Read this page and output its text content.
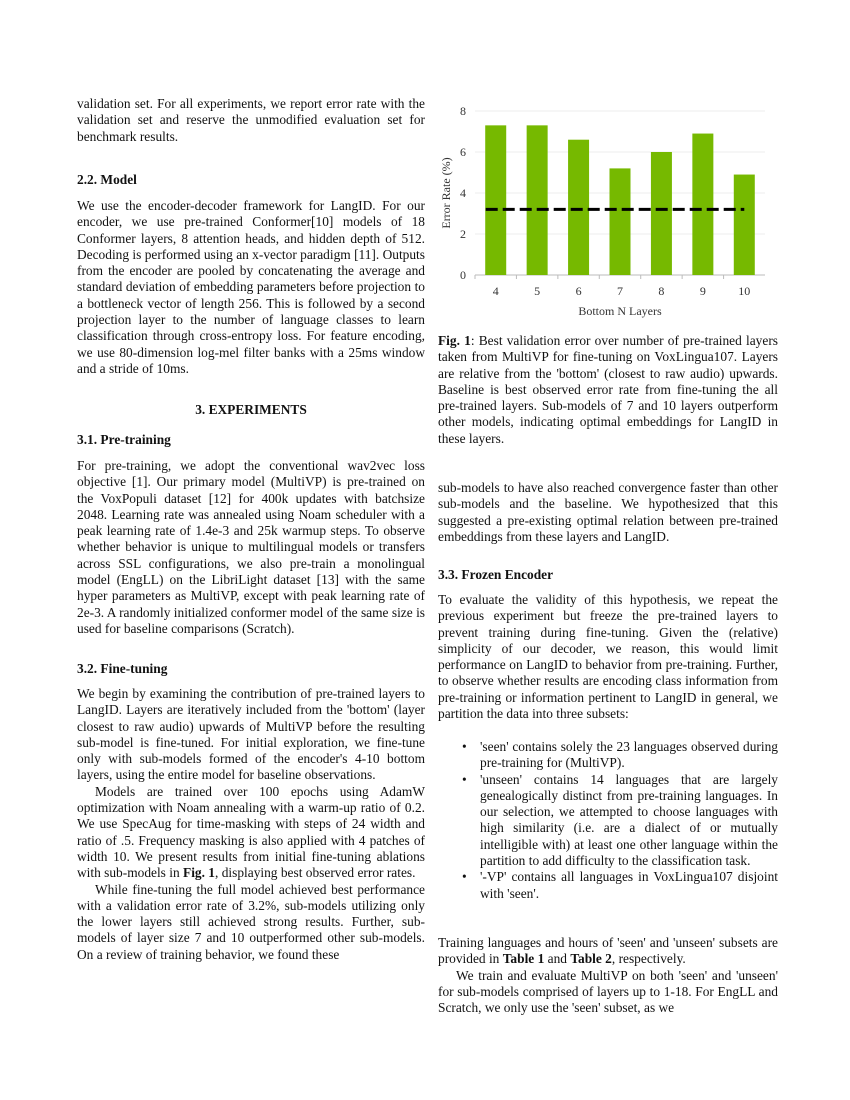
validation set. For all experiments, we report error rate with the validation set and reserve the unmodified evaluation set for benchmark results.
2.2. Model
We use the encoder-decoder framework for LangID. For our encoder, we use pre-trained Conformer[10] models of 18 Conformer layers, 8 attention heads, and hidden depth of 512. Decoding is performed using an x-vector paradigm [11]. Outputs from the encoder are pooled by concatenating the average and standard deviation of embedding parameters before projection to a bottleneck vector of length 256. This is followed by a second projection layer to the number of language classes to learn classification through cross-entropy loss. For feature encoding, we use 80-dimension log-mel filter banks with a 25ms window and a stride of 10ms.
3. EXPERIMENTS
3.1. Pre-training
For pre-training, we adopt the conventional wav2vec loss objective [1]. Our primary model (MultiVP) is pre-trained on the VoxPopuli dataset [12] for 400k updates with batchsize 2048. Learning rate was annealed using Noam scheduler with a peak learning rate of 1.4e-3 and 25k warmup steps. To observe whether behavior is unique to multilingual models or transfers across SSL configurations, we also pre-train a monolingual model (EngLL) on the LibriLight dataset [13] with the same hyper parameters as MultiVP, except with peak learning rate of 2e-3. A randomly initialized conformer model of the same size is used for baseline comparisons (Scratch).
3.2. Fine-tuning

We begin by examining the contribution of pre-trained layers to LangID. Layers are iteratively included from the 'bottom' (layer closest to raw audio) upwards of MultiVP before the resulting sub-model is fine-tuned. For initial exploration, we fine-tune only with sub-models formed of the encoder's 4-10 bottom layers, using the entire model for baseline observations.

Models are trained over 100 epochs using AdamW optimization with Noam annealing with a warm-up ratio of 0.2. We use SpecAug for time-masking with steps of 24 width and ratio of .5. Frequency masking is also applied with 4 patches of width 10. We present results from initial fine-tuning ablations with sub-models in Fig. 1, displaying best observed error rates.

While fine-tuning the full model achieved best performance with a validation error rate of 3.2%, sub-models utilizing only the lower layers still achieved strong results. Further, sub-models of layer size 7 and 10 outperformed other sub-models. On a review of training behavior, we found these

0
2
4
6
8
4	5	6	7	8	9	10
Bottom N Layers
Error Rate (%)
Fig. 1: Best validation error over number of pre-trained layers taken from MultiVP for fine-tuning on VoxLingua107. Layers are relative from the 'bottom' (closest to raw audio) upwards. Baseline is best observed error rate from fine-tuning the all pre-trained layers. Sub-models of 7 and 10 layers outperform other models, indicating optimal embeddings for LangID in these layers.
sub-models to have also reached convergence faster than other sub-models and the baseline. We hypothesized that this suggested a pre-existing optimal relation between pre-trained embeddings from these layers and LangID.
3.3. Frozen Encoder
To evaluate the validity of this hypothesis, we repeat the previous experiment but freeze the pre-trained layers to prevent training during fine-tuning. Given the (relative) simplicity of our decoder, we reason, this would limit performance on LangID to behavior from pre-training. Further, to observe whether results are encoding class information from pre-training or information pertinent to LangID in general, we partition the data into three subsets:
• 'seen' contains solely the 23 languages observed during pre-training for (MultiVP).
• 'unseen' contains 14 languages that are largely genealogically distinct from pre-training languages. In our selection, we attempted to choose languages with high similarity (i.e. are a dialect of or mutually intelligible with) at least one other language within the partition to add difficulty to the classification task.
• '-VP' contains all languages in VoxLingua107 disjoint with 'seen'.

Training languages and hours of 'seen' and 'unseen' subsets are provided in Table 1 and Table 2, respectively.

We train and evaluate MultiVP on both 'seen' and 'unseen' for sub-models comprised of layers up to 1-18. For EngLL and Scratch, we only use the 'seen' subset, as we
